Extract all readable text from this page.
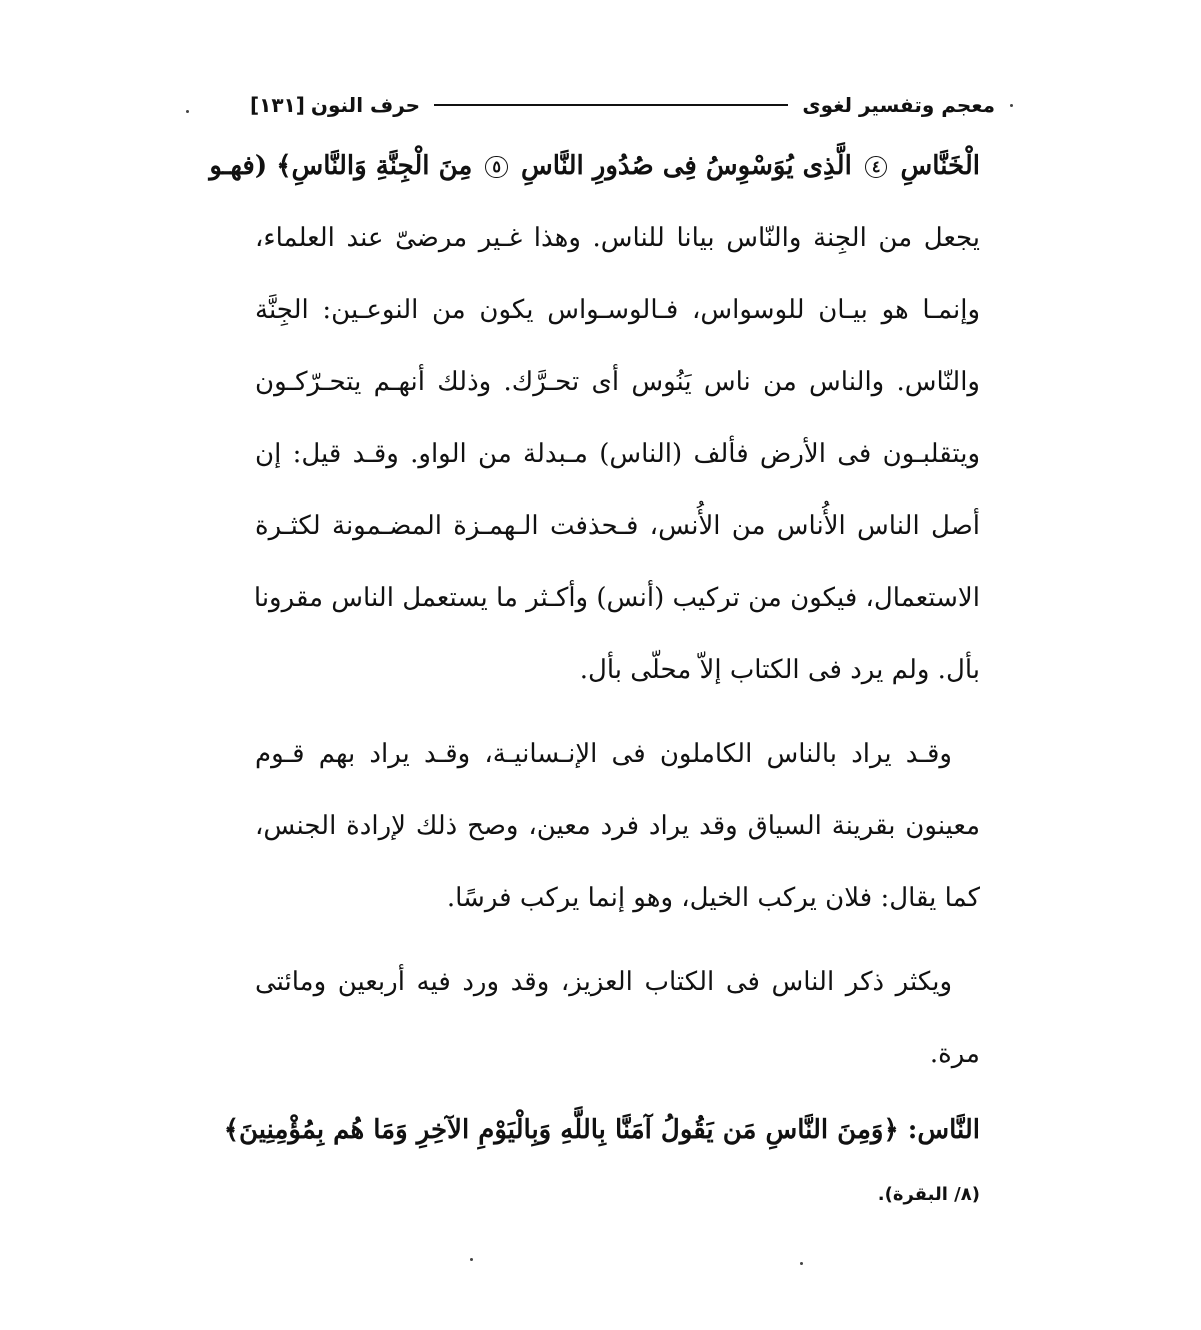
معجم وتفسير لغوى
حرف النون
[١٣١]
الخناس ٤ الذى يوسوس فى صدور الناس ٥ من الجنة والناس﴾ (فهـو
يجعل من الجِنة والنّاس بيانا للناس. وهذا غـير مرضىّ عند العلماء،
وإنمـا هو بيـان للوسواس، فـالوسـواس يكون من النوعـين: الجِنَّة
والنّاس. والناس من ناس يَنُوس أى تحـرَّك. وذلك أنهـم يتحـرّكـون
ويتقلبـون فى الأرض فألف (الناس) مـبدلة من الواو. وقـد قيل: إن
أصل الناس الأُناس من الأُنس، فـحذفت الـهمـزة المضـمونة لكثـرة
الاستعمال، فيكون من تركيب (أنس) وأكـثر ما يستعمل الناس مقرونا
بأل. ولم يرد فى الكتاب إلاّ محلّى بأل.
وقـد يراد بالناس الكاملون فى الإنـسانيـة، وقـد يراد بهم قـوم
معينون بقرينة السياق وقد يراد فرد معين، وصح ذلك لإرادة الجنس،
كما يقال: فلان يركب الخيل، وهو إنما يركب فرسًا.
ويكثر ذكر الناس فى الكتاب العزيز، وقد ورد فيه أربعين ومائتى
مرة.
النَّاس: ﴿وَمِنَ النَّاسِ مَن يَقُولُ آمَنَّا بِاللَّهِ وَبِالْيَوْمِ الآخِرِ وَمَا هُم بِمُؤْمِنِينَ﴾
(٨/ البقرة).
